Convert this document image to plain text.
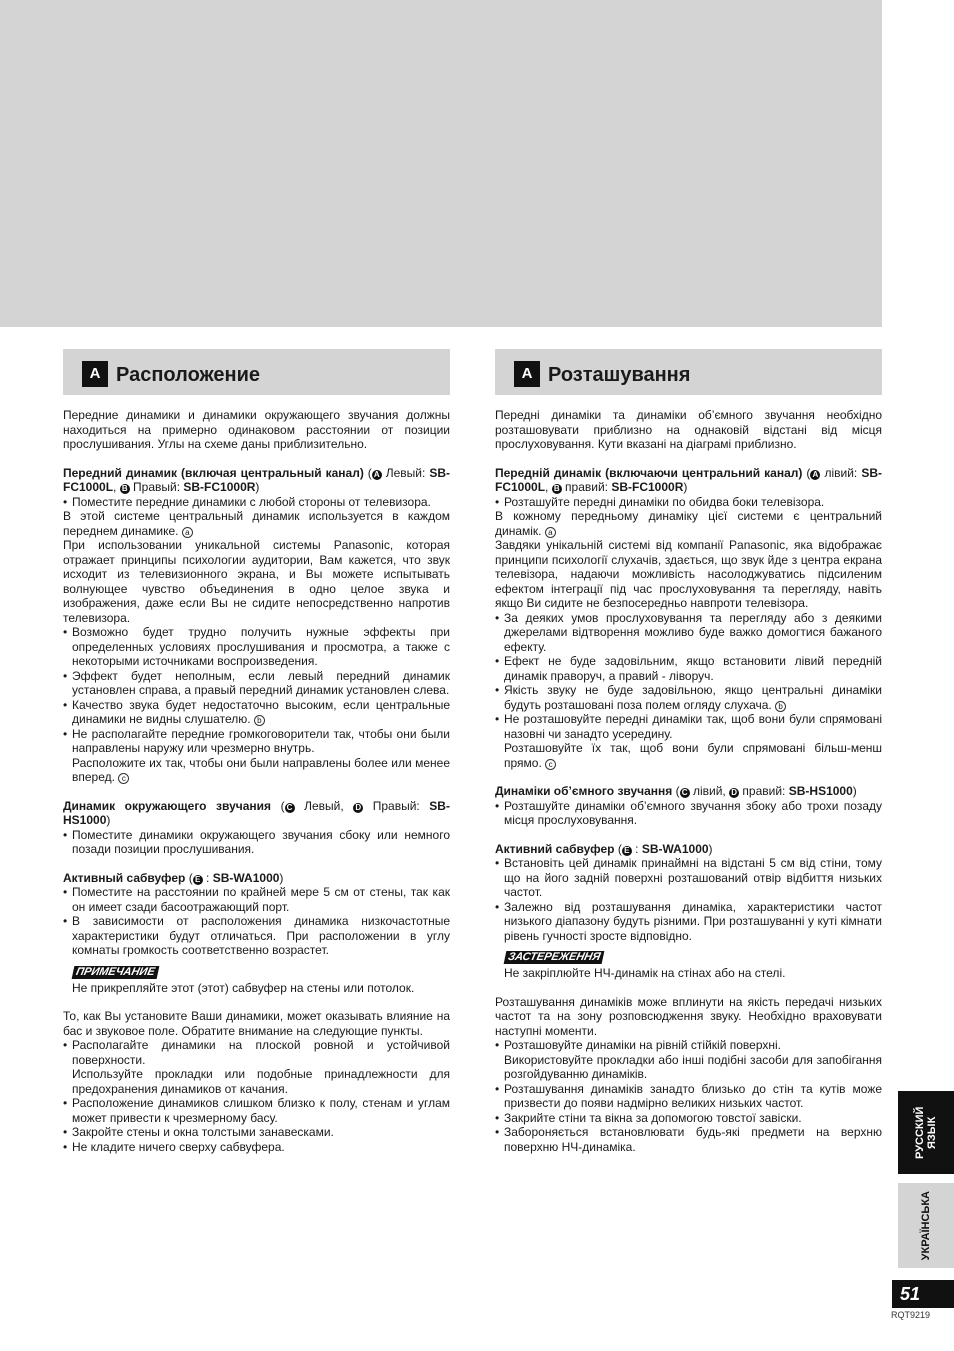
A Расположение

Передние динамики и динамики окружающего звучания должны находиться на примерно одинаковом расстоянии от позиции прослушивания. Углы на схеме даны приблизительно.

Передний динамик (включая центральный канал) ( A Левый: SB-FC1000L, B Правый: SB-FC1000R)

• Поместите передние динамики с любой стороны от телевизора.

В этой системе центральный динамик используется в каждом переднем динамике. a

При использовании уникальной системы Panasonic, которая отражает принципы психологии аудитории, Вам кажется, что звук исходит из телевизионного экрана, и Вы можете испытывать волнующее чувство объединения в одно целое звука и изображения, даже если Вы не сидите непосредственно напротив телевизора.

• Возможно будет трудно получить нужные эффекты при определенных условиях прослушивания и просмотра, а также с некоторыми источниками воспроизведения.
• Эффект будет неполным, если левый передний динамик установлен справа, а правый передний динамик установлен слева.
• Качество звука будет недостаточно высоким, если центральные динамики не видны слушателю. b
• Не располагайте передние громкоговорители так, чтобы они были направлены наружу или чрезмерно внутрь.

Расположите их так, чтобы они были направлены более или менее вперед. c

Динамик окружающего звучания ( C Левый, D Правый: SB-HS1000)

• Поместите динамики окружающего звучания сбоку или немного позади позиции прослушивания.

Активный сабвуфер ( E : SB-WA1000)

• Поместите на расстоянии по крайней мере 5 см от стены, так как он имеет сзади басоотражающий порт.
• В зависимости от расположения динамика низкочастотные характеристики будут отличаться. При расположении в углу комнаты громкость соответственно возрастет.
ПРИМЕЧАНИЕ

Не прикрепляйте этот (этот) сабвуфер на стены или потолок.

То, как Вы установите Ваши динамики, может оказывать влияние на бас и звуковое поле. Обратите внимание на следующие пункты.

• Располагайте динамики на плоской ровной и устойчивой поверхности.

Используйте прокладки или подобные принадлежности для предохранения динамиков от качания.

• Расположение динамиков слишком близко к полу, стенам и углам может привести к чрезмерному басу.
• Закройте стены и окна толстыми занавесками.
• Не кладите ничего сверху сабвуфера.
A Розташування

Передні динаміки та динаміки об’ємного звучання необхідно розташовувати приблизно на однаковій відстані від місця прослуховування. Кути вказані на діаграмі приблизно.

Передній динамік (включаючи центральний канал) ( A лівий: SB-FC1000L, B правий: SB-FC1000R)

• Розташуйте передні динаміки по обидва боки телевізора.

В кожному передньому динаміку цієї системи є центральний динамік. a

Завдяки унікальній системі від компанії Panasonic, яка відображає принципи психології слухачів, здається, що звук йде з центра екрана телевізора, надаючи можливість насолоджуватись підсиленим ефектом інтеграції під час прослуховування та перегляду, навіть якщо Ви сидите не безпосередньо навпроти телевізора.

• За деяких умов прослуховування та перегляду або з деякими джерелами відтворення можливо буде важко домогтися бажаного ефекту.
• Ефект не буде задовільним, якщо встановити лівий передній динамік праворуч, а правий - ліворуч.
• Якість звуку не буде задовільною, якщо центральні динаміки будуть розташовані поза полем огляду слухача. b
• Не розташовуйте передні динаміки так, щоб вони були спрямовані назовні чи занадто усередину.

Розташовуйте їх так, щоб вони були спрямовані більш-менш прямо. c

Динаміки об’ємного звучання ( C лівий, D правий: SB-HS1000)

• Розташуйте динаміки об’ємного звучання збоку або трохи позаду місця прослуховування.

Активний сабвуфер ( E : SB-WA1000)

• Встановіть цей динамік принаймні на відстані 5 см від стіни, тому що на його задній поверхні розташований отвір відбиття низьких частот.
• Залежно від розташування динаміка, характеристики частот низького діапазону будуть різними. При розташуванні у куті кімнати рівень гучності зросте відповідно.
ЗАСТЕРЕЖЕННЯ

Не закріплюйте НЧ-динамік на стінах або на стелі.

Розташування динаміків може вплинути на якість передачі низьких частот та на зону розповсюдження звуку. Необхідно враховувати наступні моменти.

• Розташовуйте динаміки на рівній стійкій поверхні.

Використовуйте прокладки або інші подібні засоби для запобігання розгойдуванню динаміків.

• Розташування динаміків занадто близько до стін та кутів може призвести до появи надмірно великих низьких частот.
• Закрийте стіни та вікна за допомогою товстої завіски.
• Забороняється встановлювати будь-які предмети на верхню поверхню НЧ-динаміка.	РУССКИЙ ЯЗЫК
УКРАЇНСЬКА
51
RQT9219
